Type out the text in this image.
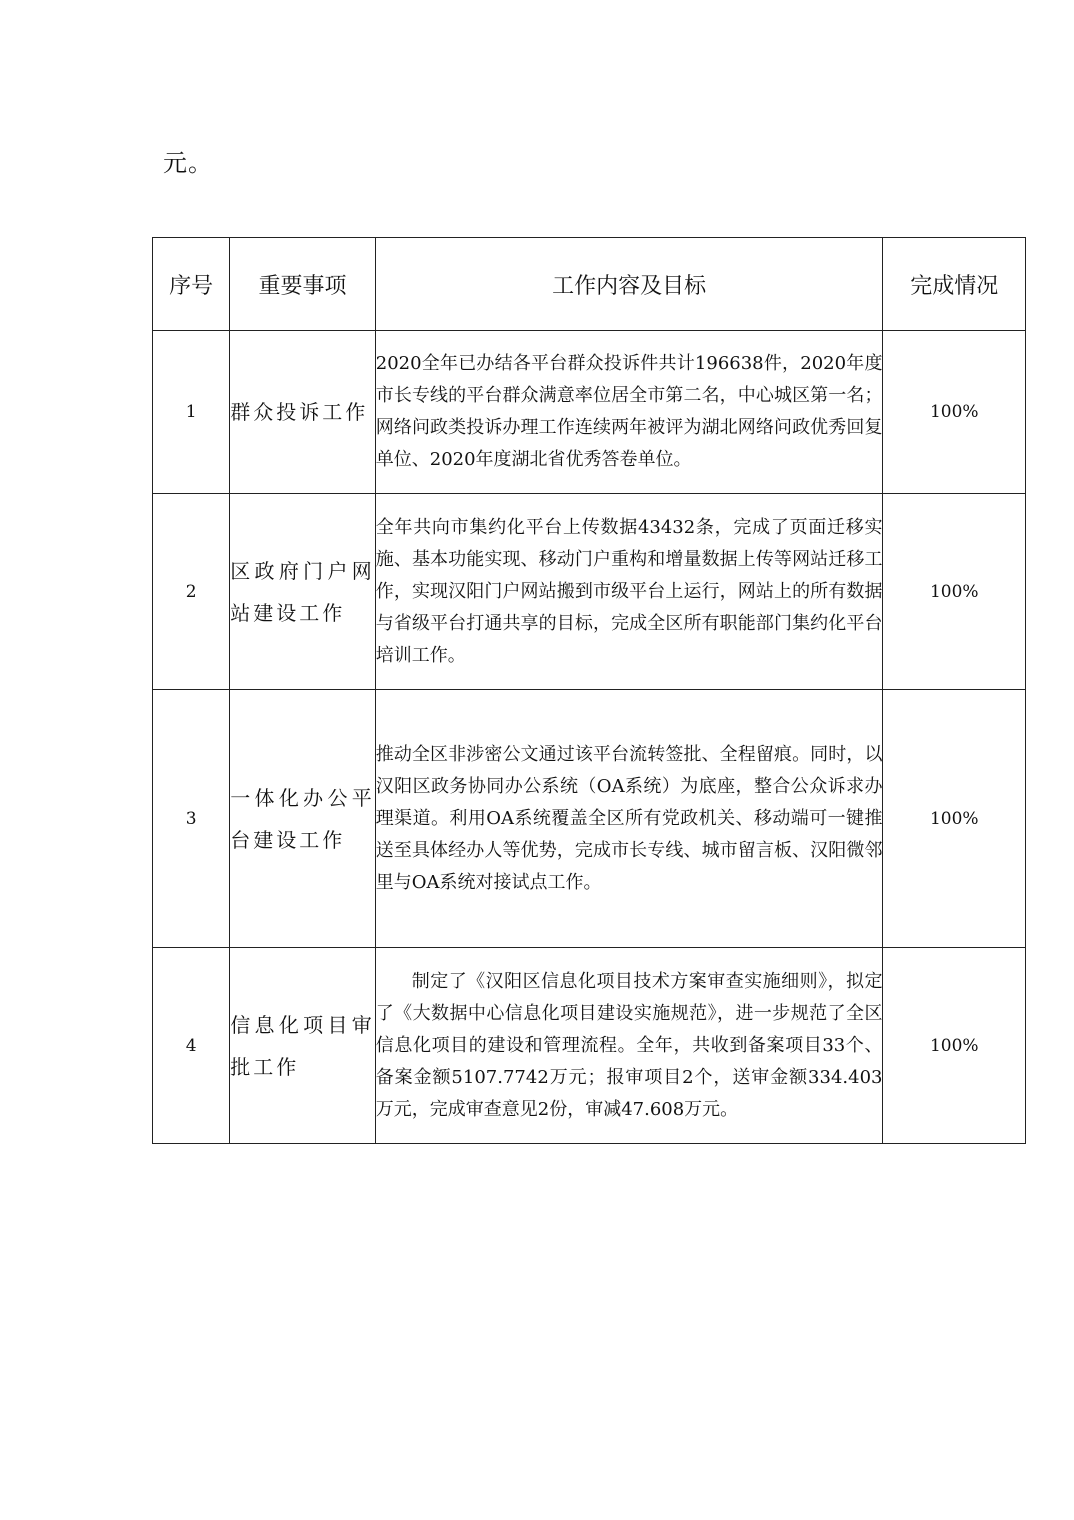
元。
序号	重要事项	工作内容及目标	完成情况
1	群众投诉工作	2020全年已办结各平台群众投诉件共计196638件，2020年度市长专线的平台群众满意率位居全市第二名，中心城区第一名；网络问政类投诉办理工作连续两年被评为湖北网络问政优秀回复单位、2020年度湖北省优秀答卷单位。	100%
2	区政府门户网站建设工作	全年共向市集约化平台上传数据43432条，完成了页面迁移实施、基本功能实现、移动门户重构和增量数据上传等网站迁移工作，实现汉阳门户网站搬到市级平台上运行，网站上的所有数据与省级平台打通共享的目标，完成全区所有职能部门集约化平台培训工作。	100%
3	一体化办公平台建设工作	推动全区非涉密公文通过该平台流转签批、全程留痕。同时，以汉阳区政务协同办公系统（OA系统）为底座，整合公众诉求办理渠道。利用OA系统覆盖全区所有党政机关、移动端可一键推送至具体经办人等优势，完成市长专线、城市留言板、汉阳微邻里与OA系统对接试点工作。	100%
4	信息化项目审批工作	制定了《汉阳区信息化项目技术方案审查实施细则》，拟定了《大数据中心信息化项目建设实施规范》，进一步规范了全区信息化项目的建设和管理流程。全年，共收到备案项目33个、备案金额5107.7742万元；报审项目2个，送审金额334.403万元，完成审查意见2份，审减47.608万元。	100%
